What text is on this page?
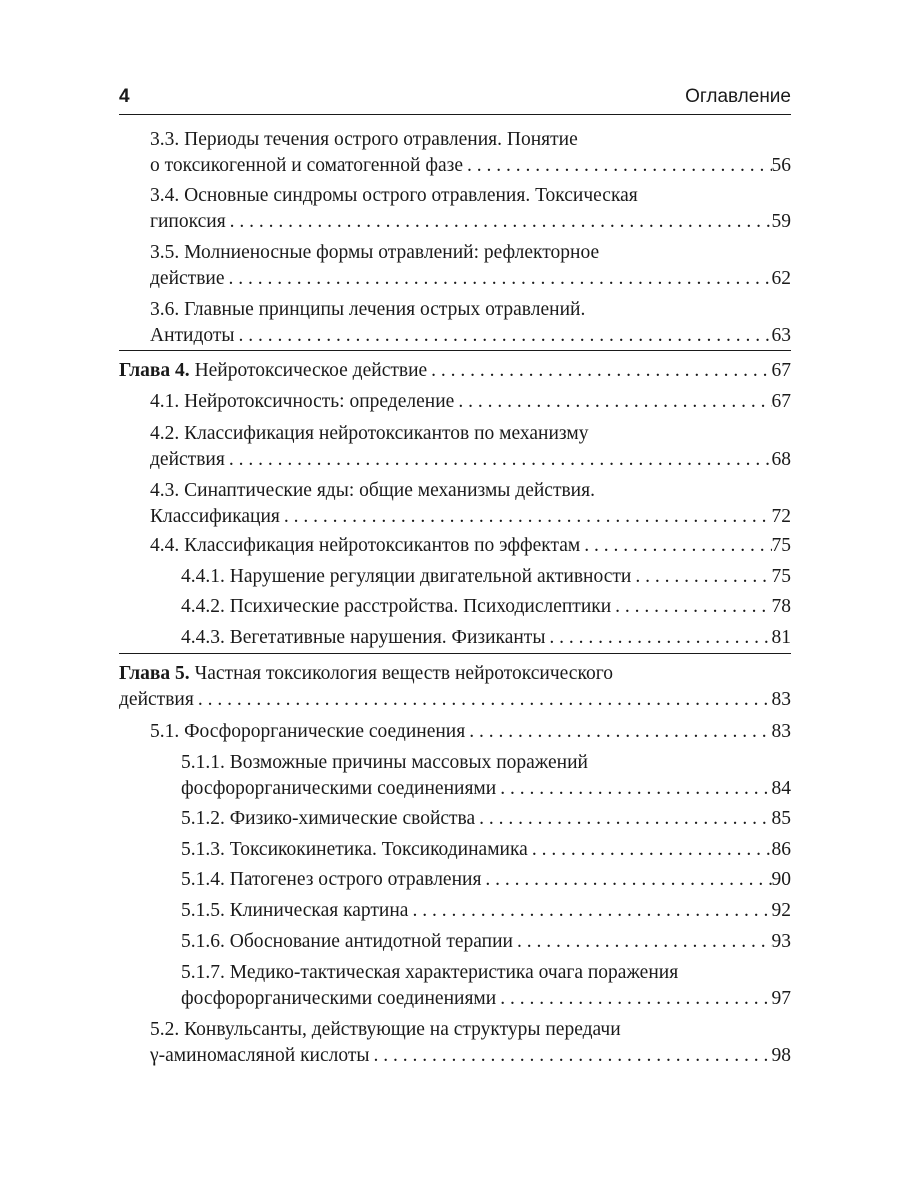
4	Оглавление
3.3. Периоды течения острого отравления. Понятие
о токсикогенной и соматогенной фазе . . .	56
3.4. Основные синдромы острого отравления. Токсическая
гипоксия . . .	59
3.5. Молниеносные формы отравлений: рефлекторное
действие . . .	62
3.6. Главные принципы лечения острых отравлений.
Антидоты . . .	63
Глава 4. Нейротоксическое действие . . .	67
4.1. Нейротоксичность: определение . . .	67
4.2. Классификация нейротоксикантов по механизму
действия . . .	68
4.3. Синаптические яды: общие механизмы действия.
Классификация . . .	72
4.4. Классификация нейротоксикантов по эффектам . . .	75
4.4.1. Нарушение регуляции двигательной активности . . .	75
4.4.2. Психические расстройства. Психодислептики . . .	78
4.4.3. Вегетативные нарушения. Физиканты . . .	81
Глава 5. Частная токсикология веществ нейротоксического
действия . . .	83
5.1. Фосфорорганические соединения . . .	83
5.1.1. Возможные причины массовых поражений
фосфорорганическими соединениями . . .	84
5.1.2. Физико-химические свойства . . .	85
5.1.3. Токсикокинетика. Токсикодинамика . . .	86
5.1.4. Патогенез острого отравления . . .	90
5.1.5. Клиническая картина . . .	92
5.1.6. Обоснование антидотной терапии . . .	93
5.1.7. Медико-тактическая характеристика очага поражения
фосфорорганическими соединениями . . .	97
5.2. Конвульсанты, действующие на структуры передачи
γ-аминомасляной кислоты . . .	98
